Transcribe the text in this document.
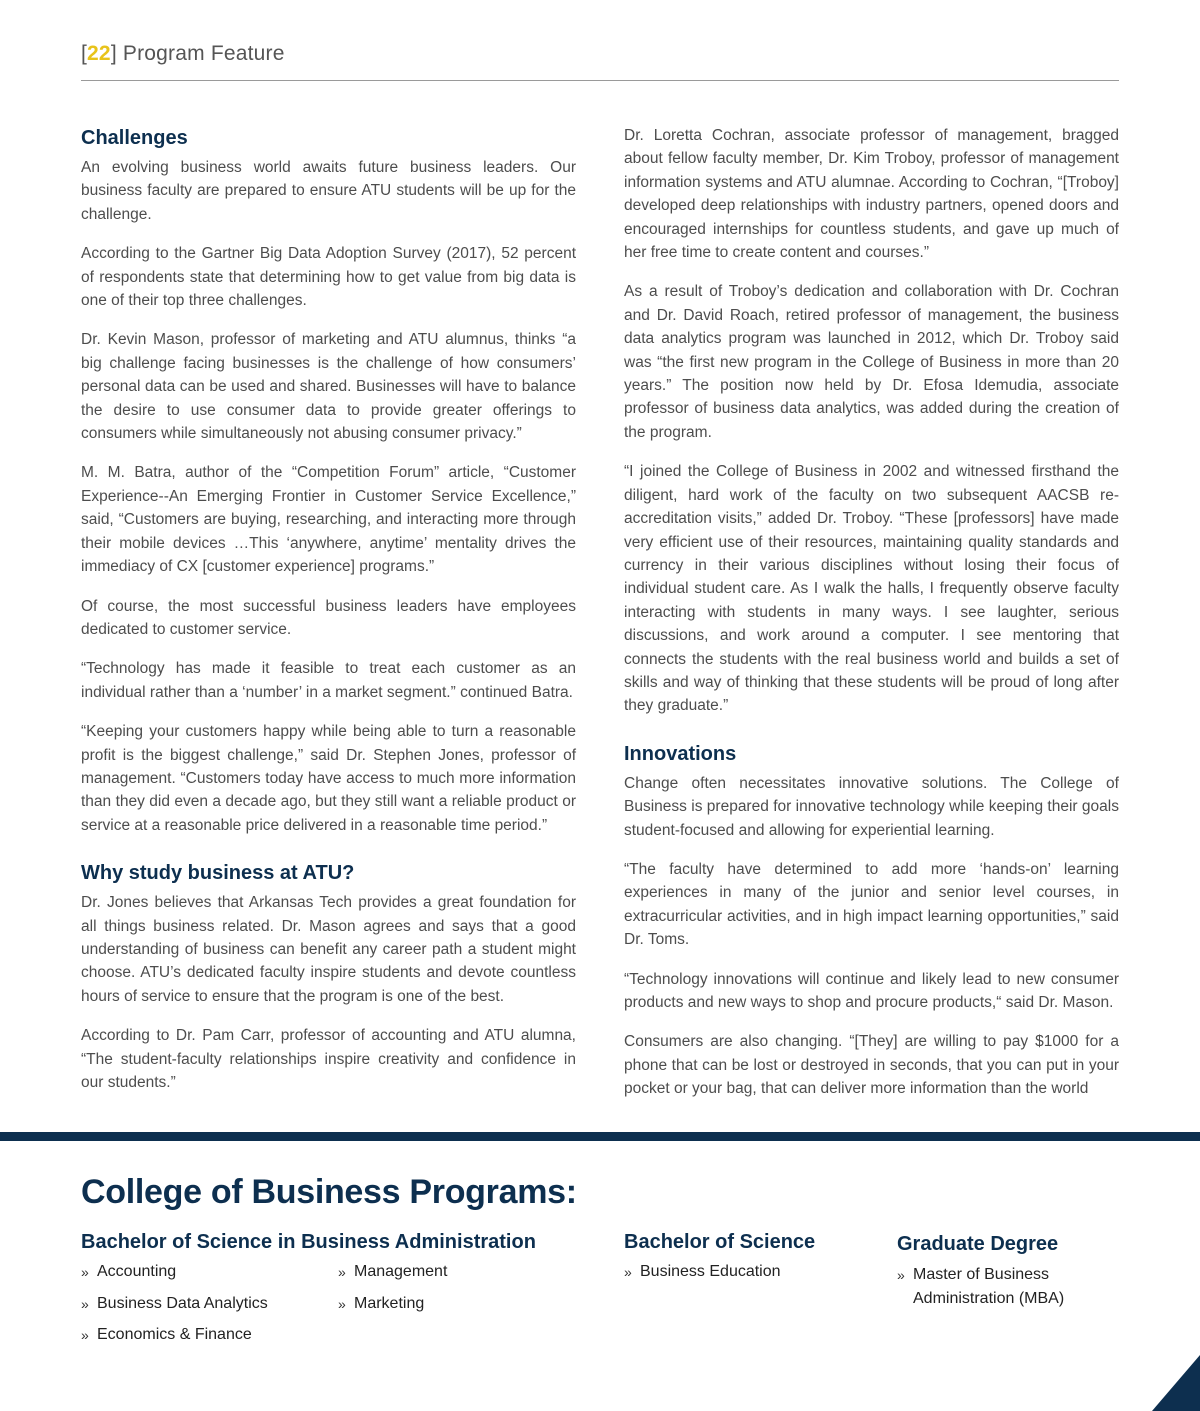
[22] Program Feature
Challenges

An evolving business world awaits future business leaders. Our business faculty are prepared to ensure ATU students will be up for the challenge.

According to the Gartner Big Data Adoption Survey (2017), 52 percent of respondents state that determining how to get value from big data is one of their top three challenges.

Dr. Kevin Mason, professor of marketing and ATU alumnus, thinks “a big challenge facing businesses is the challenge of how consumers’ personal data can be used and shared. Businesses will have to balance the desire to use consumer data to provide greater offerings to consumers while simultaneously not abusing consumer privacy.”

M. M. Batra, author of the “Competition Forum” article, “Customer Experience--An Emerging Frontier in Customer Service Excellence,” said, “Customers are buying, researching, and interacting more through their mobile devices …This ‘anywhere, anytime’ mentality drives the immediacy of CX [customer experience] programs.”

Of course, the most successful business leaders have employees dedicated to customer service.

“Technology has made it feasible to treat each customer as an individual rather than a ‘number’ in a market segment.” continued Batra.

“Keeping your customers happy while being able to turn a reasonable profit is the biggest challenge,” said Dr. Stephen Jones, professor of management. “Customers today have access to much more information than they did even a decade ago, but they still want a reliable product or service at a reasonable price delivered in a reasonable time period.”

Why study business at ATU?

Dr. Jones believes that Arkansas Tech provides a great foundation for all things business related. Dr. Mason agrees and says that a good understanding of business can benefit any career path a student might choose. ATU’s dedicated faculty inspire students and devote countless hours of service to ensure that the program is one of the best.

According to Dr. Pam Carr, professor of accounting and ATU alumna, “The student-faculty relationships inspire creativity and confidence in our students.”

Dr. Loretta Cochran, associate professor of management, bragged about fellow faculty member, Dr. Kim Troboy, professor of management information systems and ATU alumnae. According to Cochran, “[Troboy] developed deep relationships with industry partners, opened doors and encouraged internships for countless students, and gave up much of her free time to create content and courses.”

As a result of Troboy’s dedication and collaboration with Dr. Cochran and Dr. David Roach, retired professor of management, the business data analytics program was launched in 2012, which Dr. Troboy said was “the first new program in the College of Business in more than 20 years.” The position now held by Dr. Efosa Idemudia, associate professor of business data analytics, was added during the creation of the program.

“I joined the College of Business in 2002 and witnessed firsthand the diligent, hard work of the faculty on two subsequent AACSB re-accreditation visits,” added Dr. Troboy. “These [professors] have made very efficient use of their resources, maintaining quality standards and currency in their various disciplines without losing their focus of individual student care. As I walk the halls, I frequently observe faculty interacting with students in many ways. I see laughter, serious discussions, and work around a computer. I see mentoring that connects the students with the real business world and builds a set of skills and way of thinking that these students will be proud of long after they graduate.”

Innovations

Change often necessitates innovative solutions. The College of Business is prepared for innovative technology while keeping their goals student-focused and allowing for experiential learning.

“The faculty have determined to add more ‘hands-on’ learning experiences in many of the junior and senior level courses, in extracurricular activities, and in high impact learning opportunities,” said Dr. Toms.

“Technology innovations will continue and likely lead to new consumer products and new ways to shop and procure products,“ said Dr. Mason.

Consumers are also changing. “[They] are willing to pay $1000 for a phone that can be lost or destroyed in seconds, that you can put in your pocket or your bag, that can deliver more information than the world

College of Business Programs:
Bachelor of Science in Business Administration
» Accounting
» Business Data Analytics
» Economics & Finance
» Management
» Marketing
Bachelor of Science
» Business Education
Graduate Degree
» Master of Business Administration (MBA)
